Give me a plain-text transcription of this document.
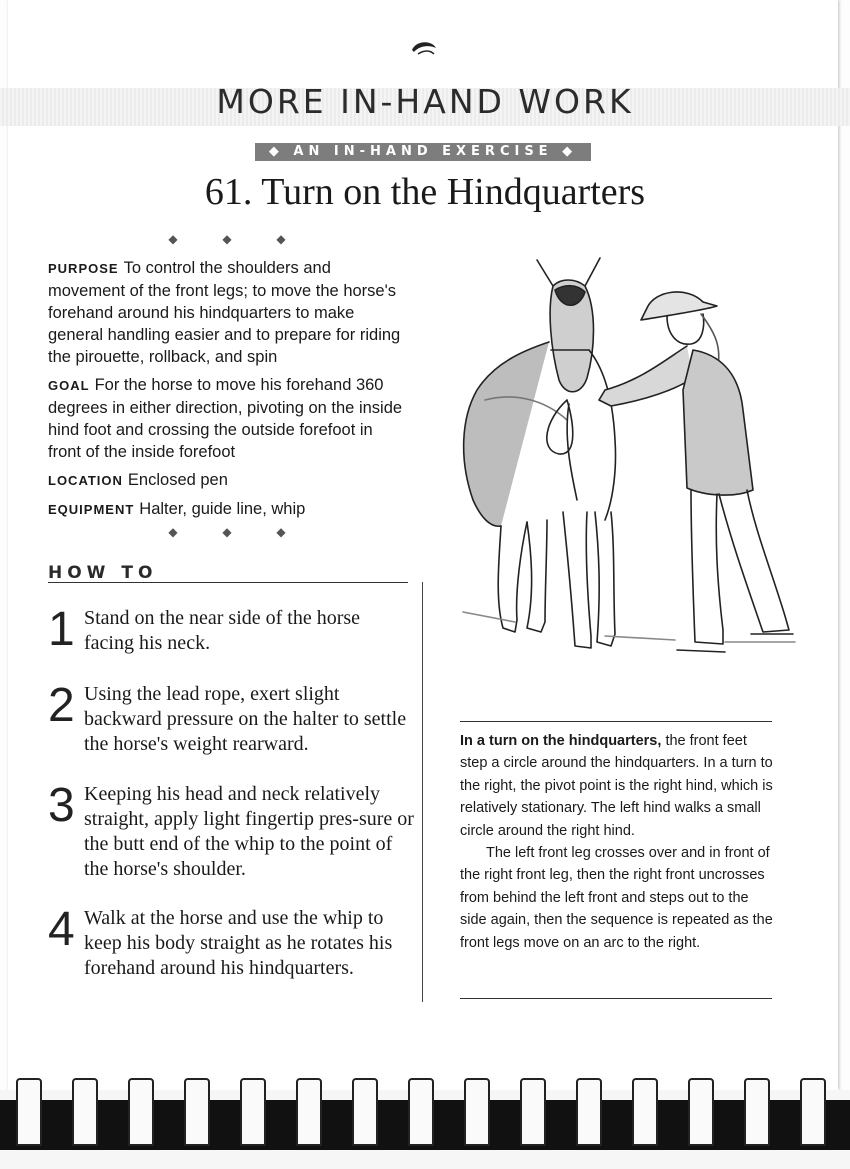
MORE IN-HAND WORK
◆ AN IN-HAND EXERCISE ◆
61. Turn on the Hindquarters
◆	◆	◆

PURPOSE To control the shoulders and movement of the front legs; to move the horse's forehand around his hindquarters to make general handling easier and to prepare for riding the pirouette, rollback, and spin

GOAL For the horse to move his forehand 360 degrees in either direction, pivoting on the inside hind foot and crossing the outside forefoot in front of the inside forefoot

LOCATION Enclosed pen

EQUIPMENT Halter, guide line, whip

◆	◆	◆
HOW TO
1 Stand on the near side of the horse facing his neck.
2 Using the lead rope, exert slight backward pressure on the halter to settle the horse's weight rearward.
3 Keeping his head and neck relatively straight, apply light fingertip pres-sure or the butt end of the whip to the point of the horse's shoulder.
4 Walk at the horse and use the whip to keep his body straight as he rotates his forehand around his hindquarters.

In a turn on the hindquarters, the front feet step a circle around the hindquarters. In a turn to the right, the pivot point is the right hind, which is relatively stationary. The left hind walks a small circle around the right hind.

The left front leg crosses over and in front of the right front leg, then the right front uncrosses from behind the left front and steps out to the side again, then the sequence is repeated as the front legs move on an arc to the right.
